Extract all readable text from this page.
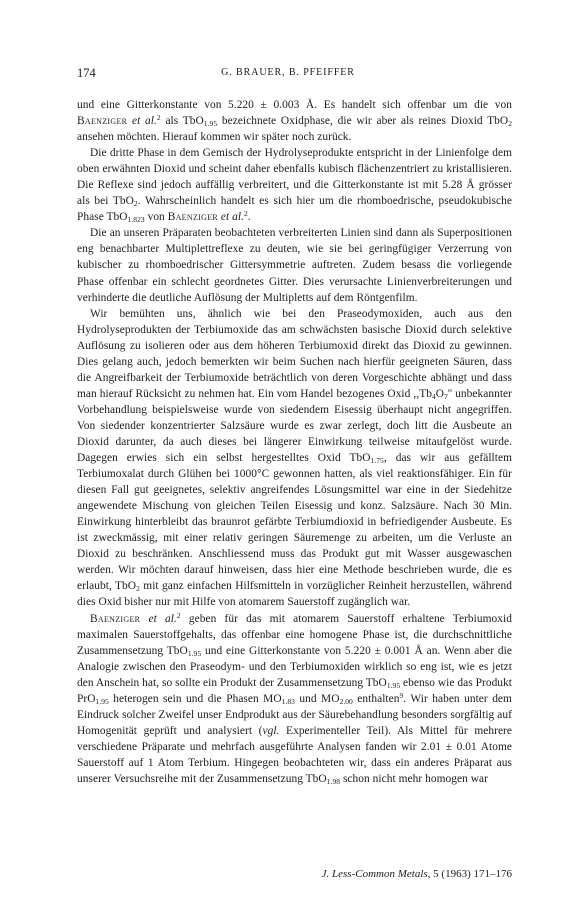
174	G. BRAUER, B. PFEIFFER

und eine Gitterkonstante von 5.220 ± 0.003 Å. Es handelt sich offenbar um die von Baenziger et al.$^2$ als TbO$_{1.95}$ bezeichnete Oxidphase, die wir aber als reines Dioxid TbO$_2$ ansehen möchten. Hierauf kommen wir später noch zurück.

Die dritte Phase in dem Gemisch der Hydrolyseprodukte entspricht in der Linienfolge dem oben erwähnten Dioxid und scheint daher ebenfalls kubisch flächenzentriert zu kristallisieren. Die Reflexe sind jedoch auffällig verbreitert, und die Gitterkonstante ist mit 5.28 Å grösser als bei TbO$_2$. Wahrscheinlich handelt es sich hier um die rhomboedrische, pseudokubische Phase TbO$_{1.823}$ von Baenziger et al.$^2$.

Die an unseren Präparaten beobachteten verbreiterten Linien sind dann als Superpositionen eng benachbarter Multiplettreflexe zu deuten, wie sie bei geringfügiger Verzerrung von kubischer zu rhomboedrischer Gittersymmetrie auftreten. Zudem besass die vorliegende Phase offenbar ein schlecht geordnetes Gitter. Dies verursachte Linienverbreiterungen und verhinderte die deutliche Auflösung der Multipletts auf dem Röntgenfilm.

Wir bemühten uns, ähnlich wie bei den Praseodymoxiden, auch aus den Hydrolyseprodukten der Terbiumoxide das am schwächsten basische Dioxid durch selektive Auflösung zu isolieren oder aus dem höheren Terbiumoxid direkt das Dioxid zu gewinnen. Dies gelang auch, jedoch bemerkten wir beim Suchen nach hierfür geeigneten Säuren, dass die Angreifbarkeit der Terbiumoxide beträchtlich von deren Vorgeschichte abhängt und dass man hierauf Rücksicht zu nehmen hat. Ein vom Handel bezogenes Oxid $,,Tb_4O_7''$ unbekannter Vorbehandlung beispielsweise wurde von siedendem Eisessig überhaupt nicht angegriffen. Von siedender konzentrierter Salzsäure wurde es zwar zerlegt, doch litt die Ausbeute an Dioxid darunter, da auch dieses bei längerer Einwirkung teilweise mitaufgelöst wurde. Dagegen erwies sich ein selbst hergestelltes Oxid TbO$_{1.75}$, das wir aus gefälltem Terbiumoxalat durch Glühen bei 1000°C gewonnen hatten, als viel reaktionsfähiger. Ein für diesen Fall gut geeignetes, selektiv angreifendes Lösungsmittel war eine in der Siedehitze angewendete Mischung von gleichen Teilen Eisessig und konz. Salzsäure. Nach 30 Min. Einwirkung hinterbleibt das braunrot gefärbte Terbiumdioxid in befriedigender Ausbeute. Es ist zweckmässig, mit einer relativ geringen Säuremenge zu arbeiten, um die Verluste an Dioxid zu beschränken. Anschliessend muss das Produkt gut mit Wasser ausgewaschen werden. Wir möchten darauf hinweisen, dass hier eine Methode beschrieben wurde, die es erlaubt, TbO$_2$ mit ganz einfachen Hilfsmitteln in vorzüglicher Reinheit herzustellen, während dies Oxid bisher nur mit Hilfe von atomarem Sauerstoff zugänglich war.

Baenziger et al.$^2$ geben für das mit atomarem Sauerstoff erhaltene Terbiumoxid maximalen Sauerstoffgehalts, das offenbar eine homogene Phase ist, die durchschnittliche Zusammensetzung TbO$_{1.95}$ und eine Gitterkonstante von 5.220 ± 0.001 Å an. Wenn aber die Analogie zwischen den Praseodym- und den Terbiumoxiden wirklich so eng ist, wie es jetzt den Anschein hat, so sollte ein Produkt der Zusammensetzung TbO$_{1.95}$ ebenso wie das Produkt PrO$_{1.95}$ heterogen sein und die Phasen $MO_{1.83}$ und $MO_{2.00}$ enthalten$^9$. Wir haben unter dem Eindruck solcher Zweifel unser Endprodukt aus der Säurebehandlung besonders sorgfältig auf Homogenität geprüft und analysiert (vgl. Experimenteller Teil). Als Mittel für mehrere verschiedene Präparate und mehrfach ausgeführte Analysen fanden wir 2.01 ± 0.01 Atome Sauerstoff auf 1 Atom Terbium. Hingegen beobachteten wir, dass ein anderes Präparat aus unserer Versuchsreihe mit der Zusammensetzung TbO$_{1.98}$ schon nicht mehr homogen war

J. Less-Common Metals, 5 (1963) 171–176
